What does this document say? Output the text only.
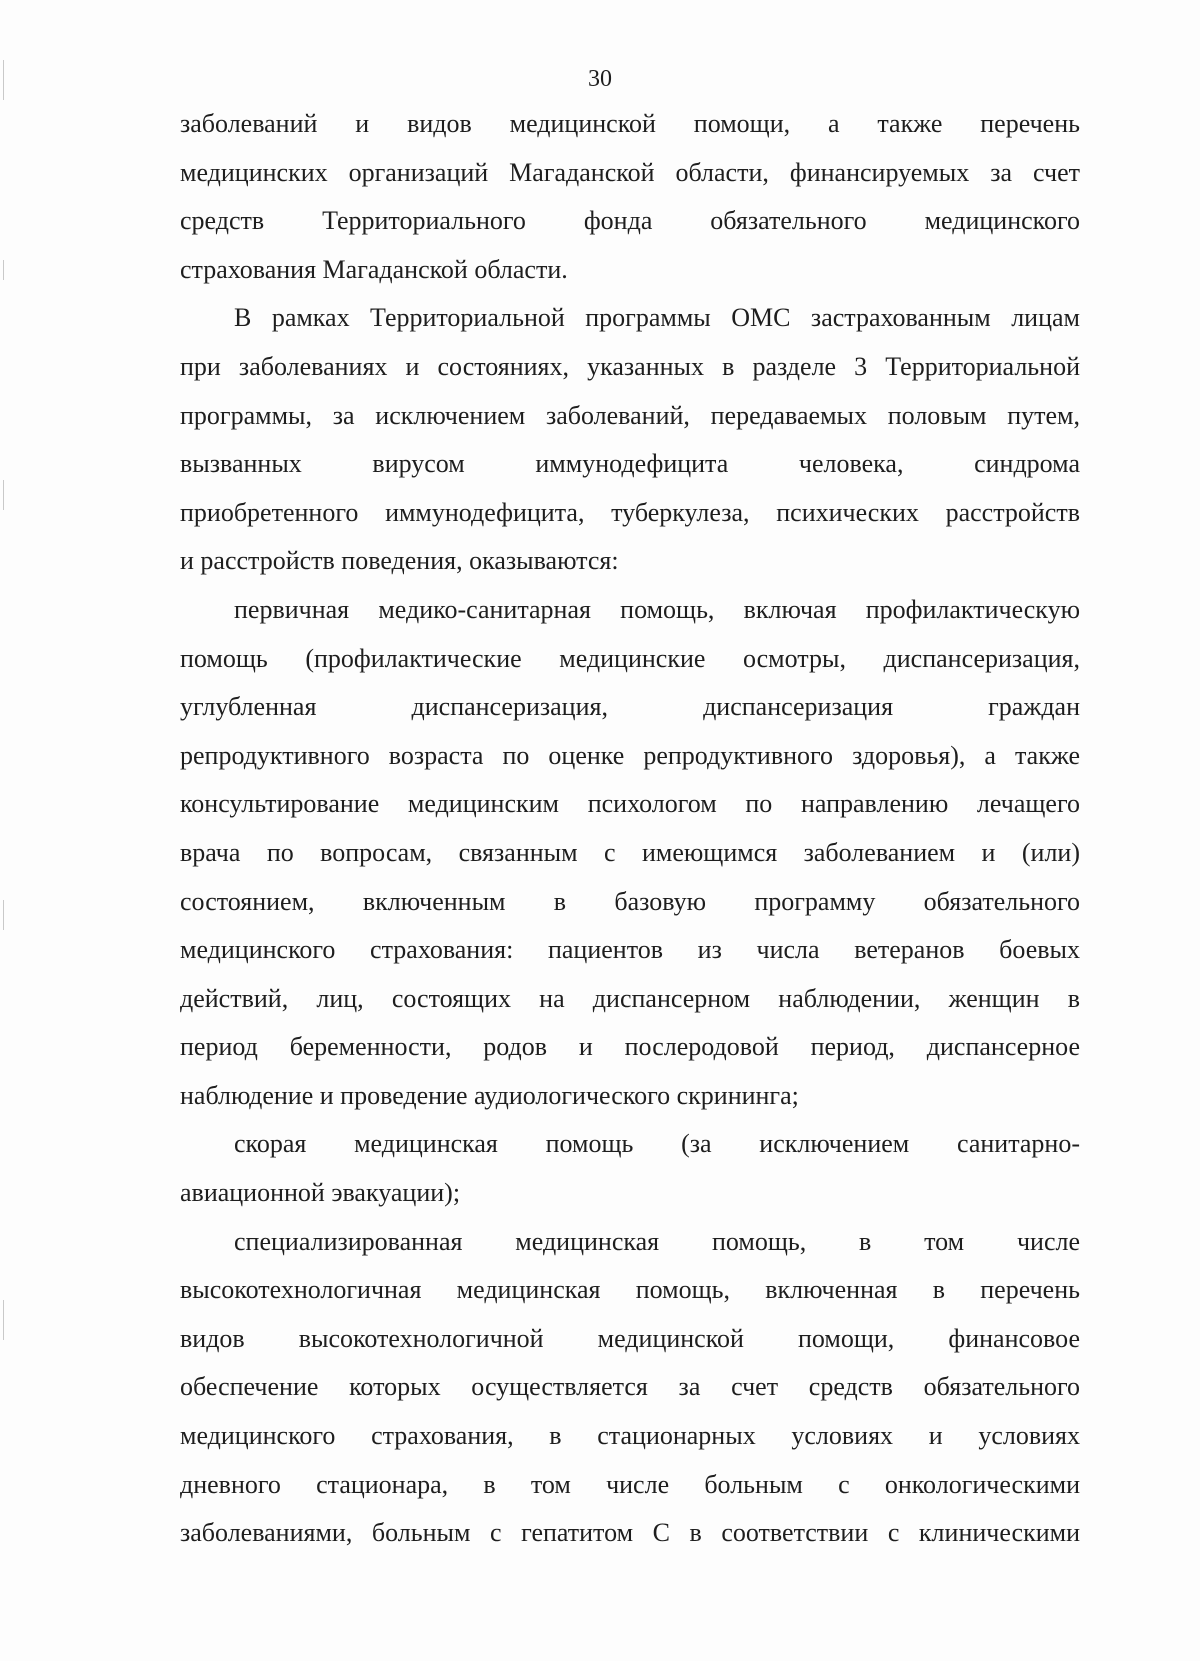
30
заболеваний и видов медицинской помощи, а также перечень
медицинских организаций Магаданской области, финансируемых за счет
средств Территориального фонда обязательного медицинского
страхования Магаданской области.
В рамках Территориальной программы ОМС застрахованным лицам
при заболеваниях и состояниях, указанных в разделе 3 Территориальной
программы, за исключением заболеваний, передаваемых половым путем,
вызванных вирусом иммунодефицита человека, синдрома
приобретенного иммунодефицита, туберкулеза, психических расстройств
и расстройств поведения, оказываются:
первичная медико-санитарная помощь, включая профилактическую
помощь (профилактические медицинские осмотры, диспансеризация,
углубленная диспансеризация, диспансеризация граждан
репродуктивного возраста по оценке репродуктивного здоровья), а также
консультирование медицинским психологом по направлению лечащего
врача по вопросам, связанным с имеющимся заболеванием и (или)
состоянием, включенным в базовую программу обязательного
медицинского страхования: пациентов из числа ветеранов боевых
действий, лиц, состоящих на диспансерном наблюдении, женщин в
период беременности, родов и послеродовой период, диспансерное
наблюдение и проведение аудиологического скрининга;
скорая медицинская помощь (за исключением санитарно-
авиационной эвакуации);
специализированная медицинская помощь, в том числе
высокотехнологичная медицинская помощь, включенная в перечень
видов высокотехнологичной медицинской помощи, финансовое
обеспечение которых осуществляется за счет средств обязательного
медицинского страхования, в стационарных условиях и условиях
дневного стационара, в том числе больным с онкологическими
заболеваниями, больным с гепатитом С в соответствии с клиническими
